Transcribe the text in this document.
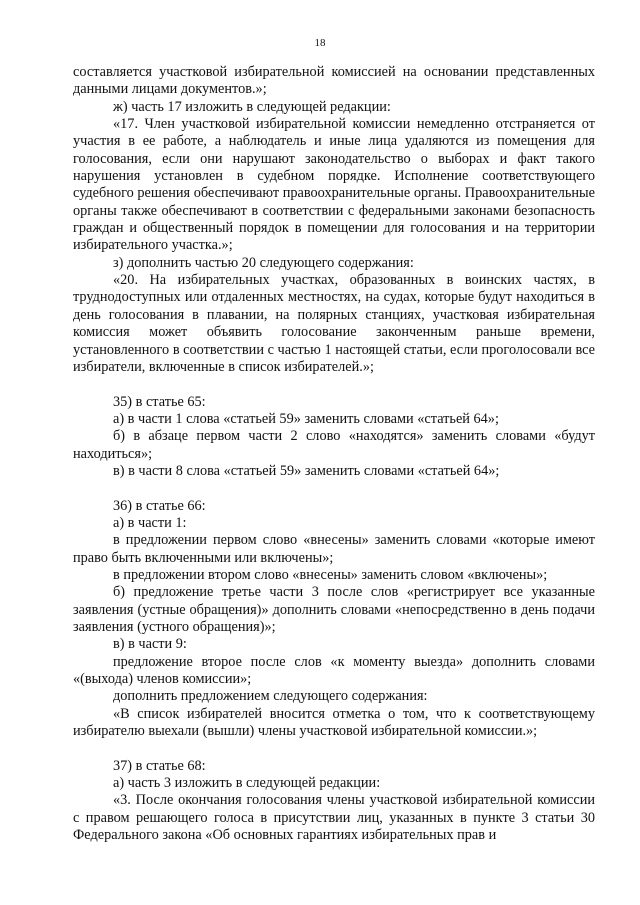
18

составляется участковой избирательной комиссией на основании представленных данными лицами документов.»;

ж) часть 17 изложить в следующей редакции:

«17. Член участковой избирательной комиссии немедленно отстраняется от участия в ее работе, а наблюдатель и иные лица удаляются из помещения для голосования, если они нарушают законодательство о выборах и факт такого нарушения установлен в судебном порядке. Исполнение соответствующего судебного решения обеспечивают правоохранительные органы. Правоохранительные органы также обеспечивают в соответствии с федеральными законами безопасность граждан и общественный порядок в помещении для голосования и на территории избирательного участка.»;

з) дополнить частью 20 следующего содержания:

«20. На избирательных участках, образованных в воинских частях, в труднодоступных или отдаленных местностях, на судах, которые будут находиться в день голосования в плавании, на полярных станциях, участковая избирательная комиссия может объявить голосование законченным раньше времени, установленного в соответствии с частью 1 настоящей статьи, если проголосовали все избиратели, включенные в список избирателей.»;

35) в статье 65:

а) в части 1 слова «статьей 59» заменить словами «статьей 64»;

б) в абзаце первом части 2 слово «находятся» заменить словами «будут находиться»;

в) в части 8 слова «статьей 59» заменить словами «статьей 64»;

36) в статье 66:

а) в части 1:

в предложении первом слово «внесены» заменить словами «которые имеют право быть включенными или включены»;

в предложении втором слово «внесены» заменить словом «включены»;

б) предложение третье части 3 после слов «регистрирует все указанные заявления (устные обращения)» дополнить словами «непосредственно в день подачи заявления (устного обращения)»;

в) в части 9:

предложение второе после слов «к моменту выезда» дополнить словами «(выхода) членов комиссии»;

дополнить предложением следующего содержания:

«В список избирателей вносится отметка о том, что к соответствующему избирателю выехали (вышли) члены участковой избирательной комиссии.»;

37) в статье 68:

а) часть 3 изложить в следующей редакции:

«3. После окончания голосования члены участковой избирательной комиссии с правом решающего голоса в присутствии лиц, указанных в пункте 3 статьи 30 Федерального закона «Об основных гарантиях избирательных прав и
